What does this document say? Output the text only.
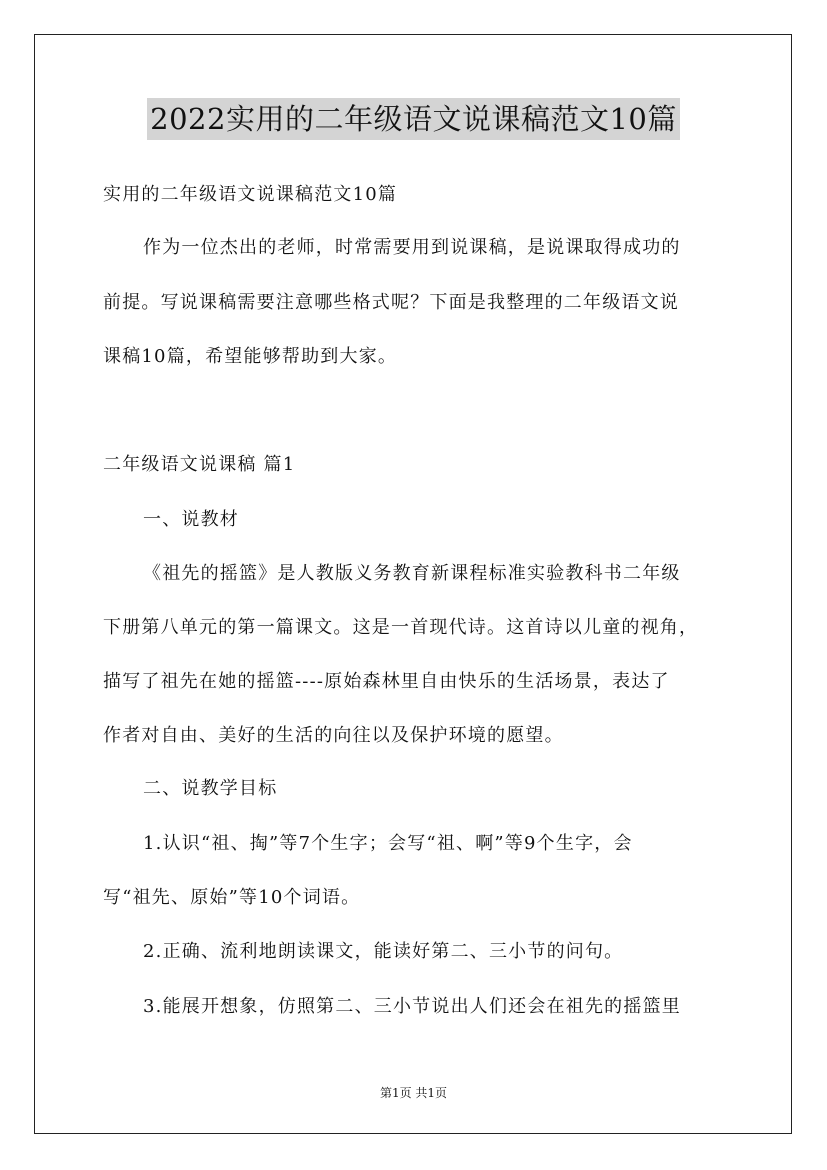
2022实用的二年级语文说课稿范文10篇
实用的二年级语文说课稿范文10篇
作为一位杰出的老师，时常需要用到说课稿，是说课取得成功的
前提。写说课稿需要注意哪些格式呢？下面是我整理的二年级语文说
课稿10篇，希望能够帮助到大家。
二年级语文说课稿 篇1
一、说教材
《祖先的摇篮》是人教版义务教育新课程标准实验教科书二年级
下册第八单元的第一篇课文。这是一首现代诗。这首诗以儿童的视角，
描写了祖先在她的摇篮----原始森林里自由快乐的生活场景，表达了
作者对自由、美好的生活的向往以及保护环境的愿望。
二、说教学目标
1.认识“祖、掏”等7个生字；会写“祖、啊”等9个生字，会
写“祖先、原始”等10个词语。
2.正确、流利地朗读课文，能读好第二、三小节的问句。
3.能展开想象，仿照第二、三小节说出人们还会在祖先的摇篮里
第1页 共1页
